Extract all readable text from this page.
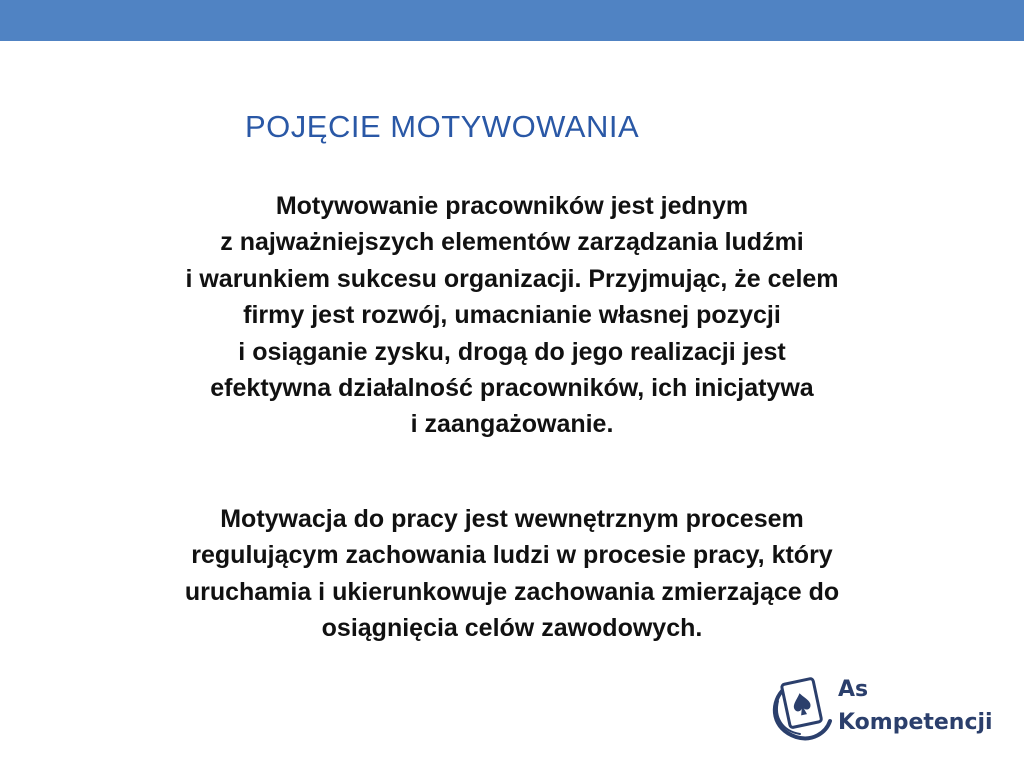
POJĘCIE MOTYWOWANIA

Motywowanie pracowników jest jednym
z najważniejszych elementów zarządzania ludźmi
i warunkiem sukcesu organizacji. Przyjmując, że celem
firmy jest rozwój, umacnianie własnej pozycji
i osiąganie zysku, drogą do jego realizacji jest
efektywna działalność pracowników, ich inicjatywa
i zaangażowanie.

Motywacja do pracy jest wewnętrznym procesem
regulującym zachowania ludzi w procesie pracy, który
uruchamia i ukierunkowuje zachowania zmierzające do
osiągnięcia celów zawodowych.

As
Kompetencji
